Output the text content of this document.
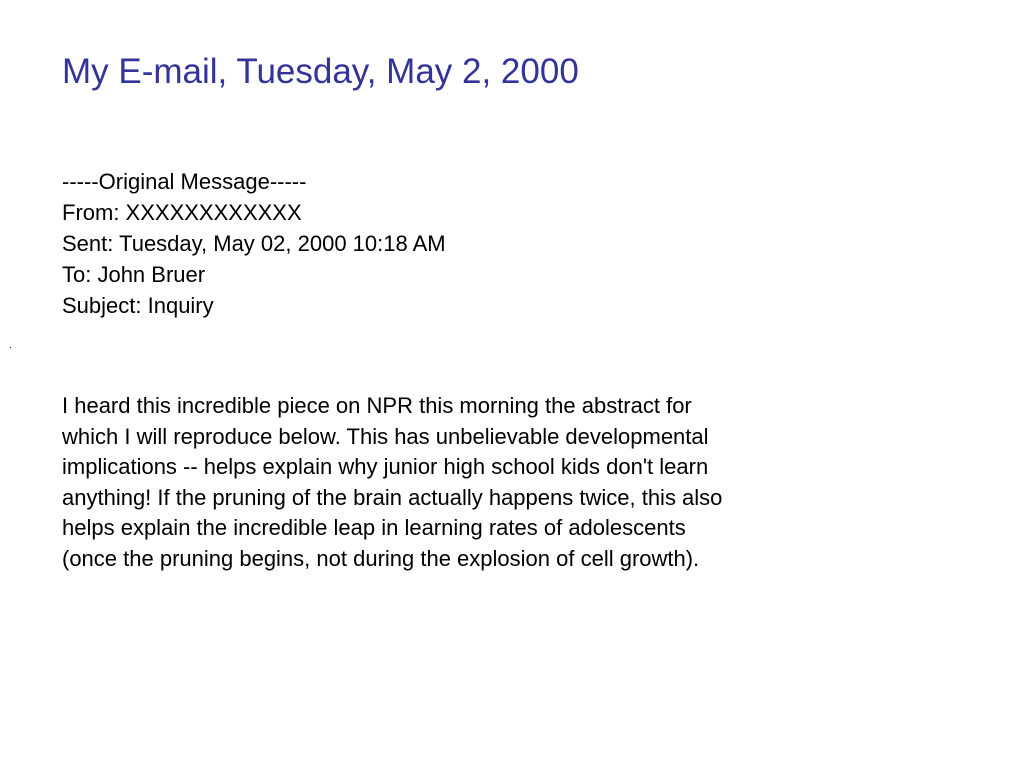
My E-mail, Tuesday, May 2, 2000
-----Original Message-----
From: XXXXXXXXXXXX
Sent: Tuesday, May 02, 2000 10:18 AM
To: John Bruer
Subject: Inquiry
.
I heard this incredible piece on NPR this morning the abstract for
which I will reproduce below. This has unbelievable developmental
implications -- helps explain why junior high school kids don't learn
anything! If the pruning of the brain actually happens twice, this also
helps explain the incredible leap in learning rates of adolescents
(once the pruning begins, not during the explosion of cell growth).
